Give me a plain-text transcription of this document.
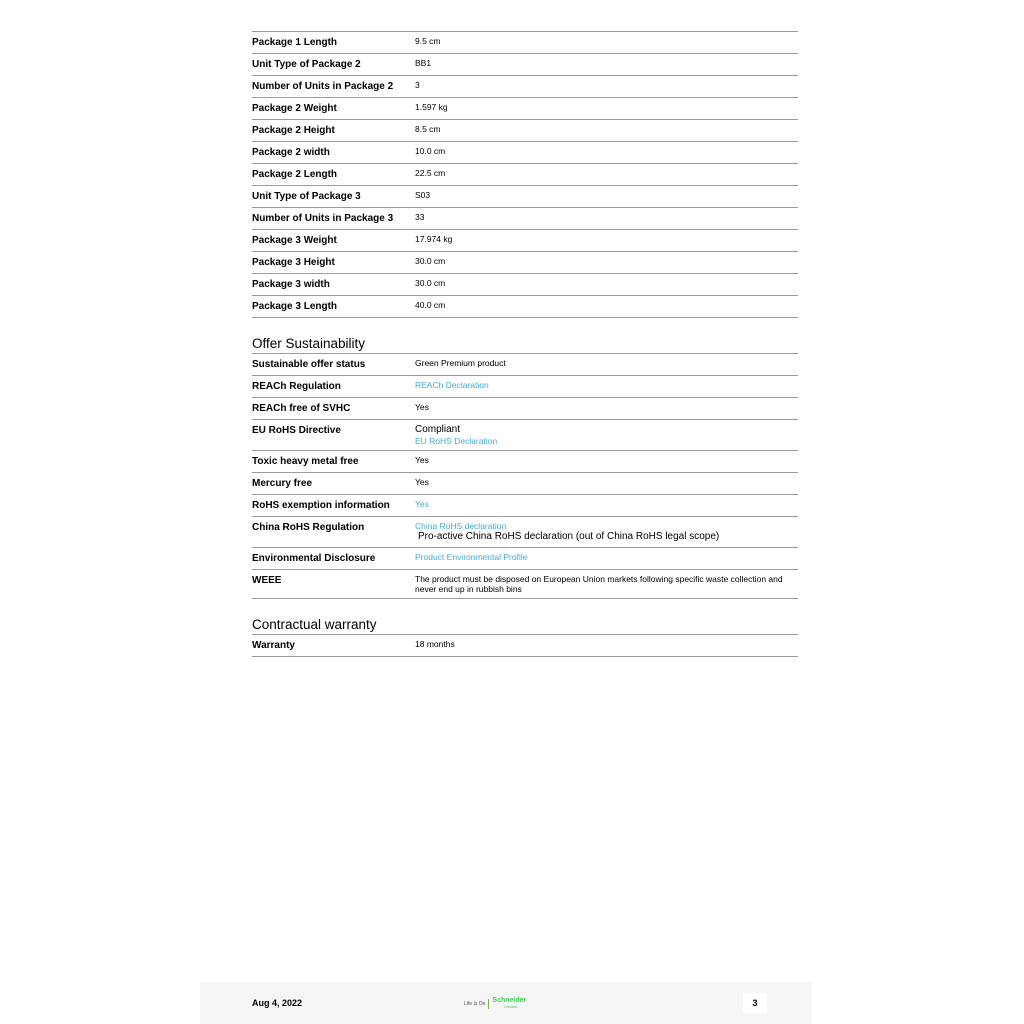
Package 1 Length	9.5 cm
Unit Type of Package 2	BB1
Number of Units in Package 2	3
Package 2 Weight	1.597 kg
Package 2 Height	8.5 cm
Package 2 width	10.0 cm
Package 2 Length	22.5 cm
Unit Type of Package 3	S03
Number of Units in Package 3	33
Package 3 Weight	17.974 kg
Package 3 Height	30.0 cm
Package 3 width	30.0 cm
Package 3 Length	40.0 cm
Offer Sustainability
Sustainable offer status	Green Premium product
REACh Regulation	REACh Declaration
REACh free of SVHC	Yes
EU RoHS Directive	Compliant
EU RoHS Declaration
Toxic heavy metal free	Yes
Mercury free	Yes
RoHS exemption information	Yes
China RoHS Regulation	China RoHS declaration
Pro-active China RoHS declaration (out of China RoHS legal scope)
Environmental Disclosure	Product Environmental Profile
WEEE	The product must be disposed on European Union markets following specific waste collection and never end up in rubbish bins
Contractual warranty
Warranty	18 months
Aug 4, 2022	Life Is On Schneider
Electric	3
